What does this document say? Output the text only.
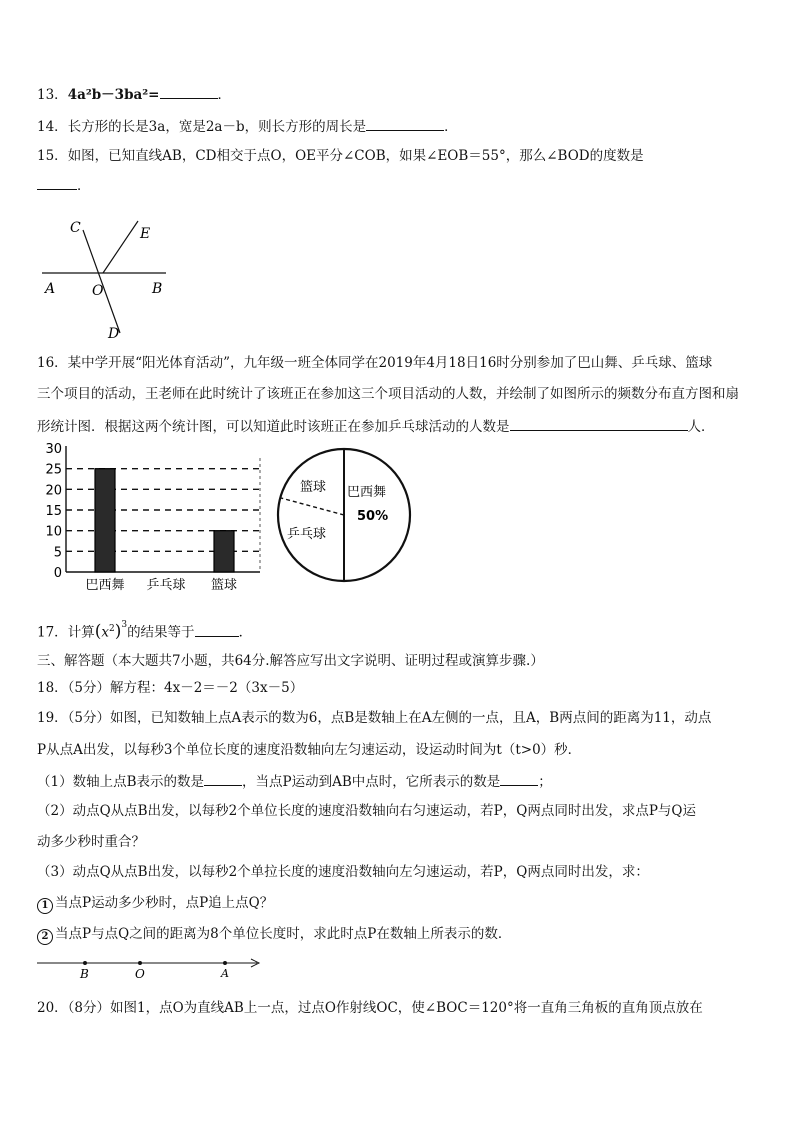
13．4a²b－3ba²=	．
14．长方形的长是3a，宽是2a－b，则长方形的周长是	．
15．如图，已知直线AB，CD相交于点O，OE平分∠COB，如果∠EOB＝55°，那么∠BOD的度数是
．
C	E
A	O	B
D
16．某中学开展“阳光体育活动”，九年级一班全体同学在2019年4月18日16时分别参加了巴山舞、乒乓球、篮球
三个项目的活动，王老师在此时统计了该班正在参加这三个项目活动的人数，并绘制了如图所示的频数分布直方图和扇
形统计图．根据这两个统计图，可以知道此时该班正在参加乒乓球活动的人数是	人．
30
25
20
15
10
5
0
巴西舞 乒乓球 篮球
篮球 巴西舞
50%
乒乓球
17．计算$(x^2)^3$的结果等于	．
三、解答题（本大题共7小题，共64分.解答应写出文字说明、证明过程或演算步骤.）
18．（5分）解方程：4x－2＝－2（3x－5）
19．（5分）如图，已知数轴上点A表示的数为6，点B是数轴上在A左侧的一点，且A，B两点间的距离为11，动点
P从点A出发，以每秒3个单位长度的速度沿数轴向左匀速运动，设运动时间为t（t>0）秒．
（1）数轴上点B表示的数是	，当点P运动到AB中点时，它所表示的数是	；
（2）动点Q从点B出发，以每秒2个单位长度的速度沿数轴向右匀速运动，若P，Q两点同时出发，求点P与Q运
动多少秒时重合？
（3）动点Q从点B出发，以每秒2个单拉长度的速度沿数轴向左匀速运动，若P，Q两点同时出发，求：
1 当点P运动多少秒时，点P追上点Q？
2 当点P与点Q之间的距离为8个单位长度时，求此时点P在数轴上所表示的数．
B	O	A
20．（8分）如图1，点O为直线AB上一点，过点O作射线OC，使∠BOC＝120°将一直角三角板的直角顶点放在
